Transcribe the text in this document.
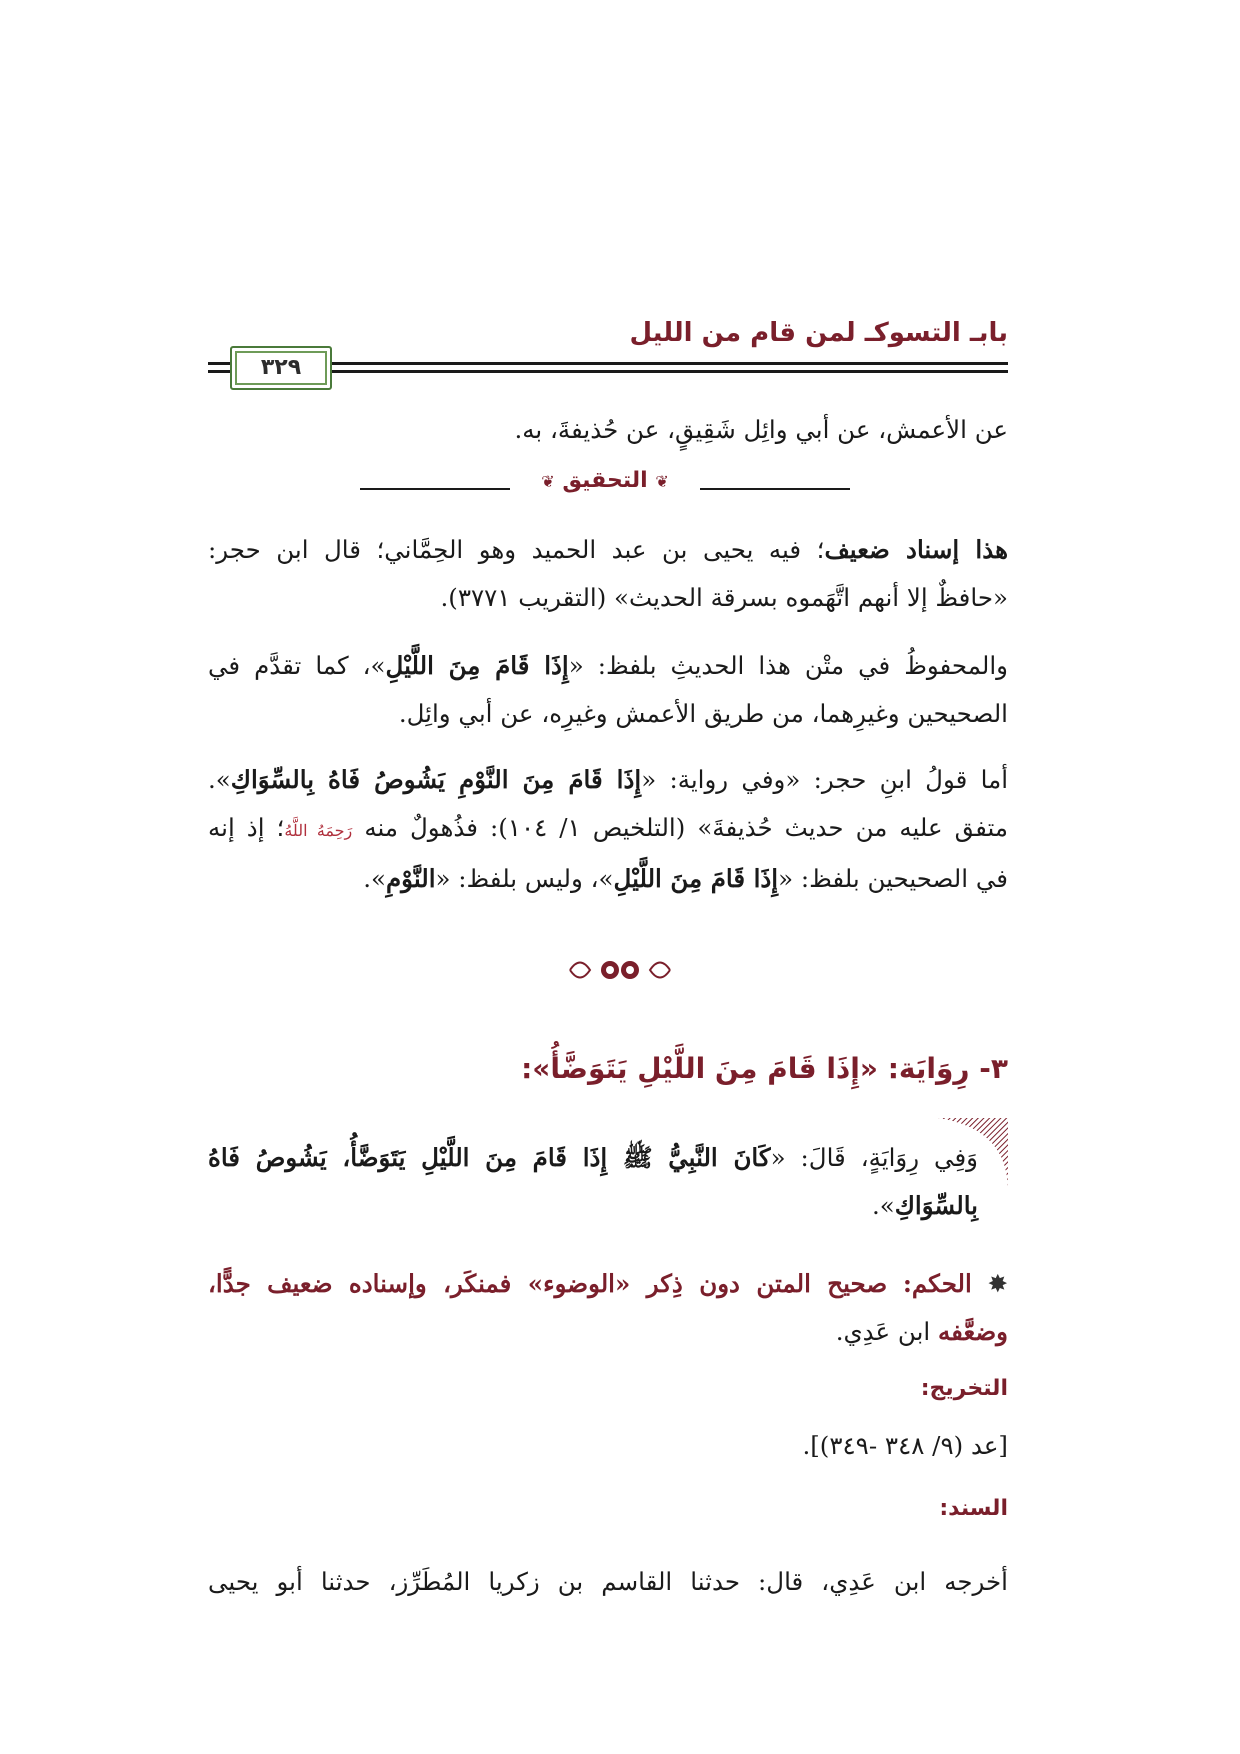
بابـ التسوكـ لمن قام من الليل
٣٢٩
عن الأعمش، عن أبي وائِل شَقِيقٍ، عن حُذيفةَ، به.
❦ التحقيق ❦
هذا إسناد ضعيف؛ فيه يحيى بن عبد الحميد وهو الحِمَّاني؛ قال ابن حجر:
«حافظٌ إلا أنهم اتَّهَموه بسرقة الحديث» (التقريب ٣٧٧١).
والمحفوظُ في متْن هذا الحديثِ بلفظ: «إِذَا قَامَ مِنَ اللَّيْلِ»، كما تقدَّم في
الصحيحين وغيرِهما، من طريق الأعمش وغيرِه، عن أبي وائِل.
أما قولُ ابنِ حجر: «وفي رواية: «إِذَا قَامَ مِنَ النَّوْمِ يَشُوصُ فَاهُ بِالسِّوَاكِ».
متفق عليه من حديث حُذيفةَ» (التلخيص ١/ ١٠٤): فذُهولٌ منه رَحِمَهُ اللَّهُ؛ إذ إنه
في الصحيحين بلفظ: «إِذَا قَامَ مِنَ اللَّيْلِ»، وليس بلفظ: «النَّوْمِ».
٣- رِوَايَة: «إِذَا قَامَ مِنَ اللَّيْلِ يَتَوَضَّأُ»:
وَفِي رِوَايَةٍ، قَالَ: «كَانَ النَّبِيُّ ﷺ إِذَا قَامَ مِنَ اللَّيْلِ يَتَوَضَّأُ، يَشُوصُ فَاهُ
بِالسِّوَاكِ».
✸ الحكم: صحيح المتن دون ذِكر «الوضوء» فمنكَر، وإسناده ضعيف جدًّا،
وضعَّفه ابن عَدِي.
التخريج:
[عد (٩/ ٣٤٨ -٣٤٩)].
السند:
أخرجه ابن عَدِي، قال: حدثنا القاسم بن زكريا المُطَرِّز، حدثنا أبو يحيى
